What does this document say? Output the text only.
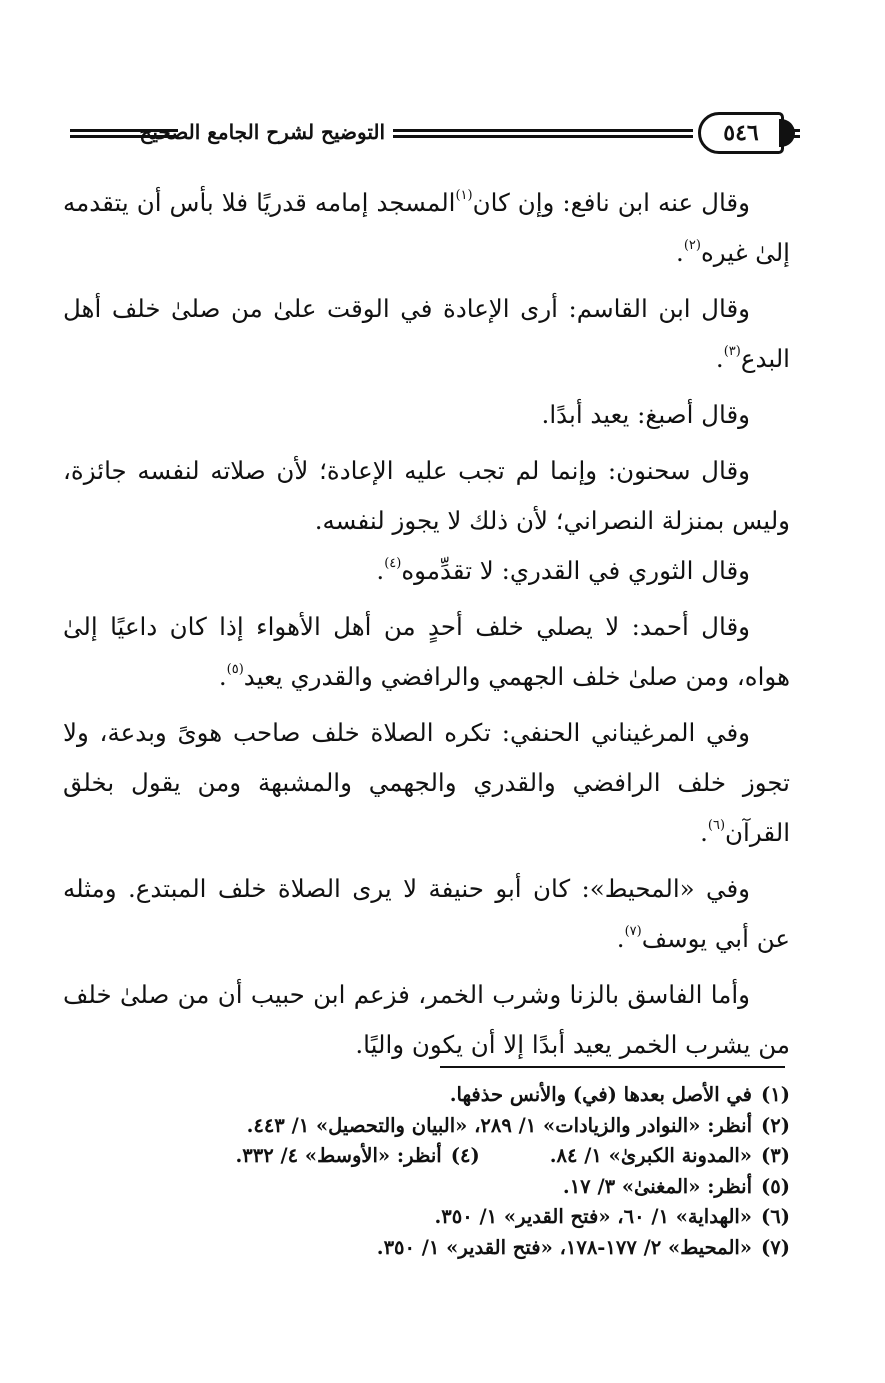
التوضيح لشرح الجامع الصحيح	٥٤٦

وقال عنه ابن نافع: وإن كان$^{(١)}$المسجد إمامه قدريًا فلا بأس أن يتقدمه إلىٰ غيره$^{(٢)}$.

وقال ابن القاسم: أرى الإعادة في الوقت علىٰ من صلىٰ خلف أهل البدع$^{(٣)}$.

وقال أصبغ: يعيد أبدًا.

وقال سحنون: وإنما لم تجب عليه الإعادة؛ لأن صلاته لنفسه جائزة، وليس بمنزلة النصراني؛ لأن ذلك لا يجوز لنفسه.

وقال الثوري في القدري: لا تقدِّموه$^{(٤)}$.

وقال أحمد: لا يصلي خلف أحدٍ من أهل الأهواء إذا كان داعيًا إلىٰ هواه، ومن صلىٰ خلف الجهمي والرافضي والقدري يعيد$^{(٥)}$.

وفي المرغيناني الحنفي: تكره الصلاة خلف صاحب هوىً وبدعة، ولا تجوز خلف الرافضي والقدري والجهمي والمشبهة ومن يقول بخلق القرآن$^{(٦)}$.

وفي «المحيط»: كان أبو حنيفة لا يرى الصلاة خلف المبتدع. ومثله عن أبي يوسف$^{(٧)}$.

وأما الفاسق بالزنا وشرب الخمر، فزعم ابن حبيب أن من صلىٰ خلف من يشرب الخمر يعيد أبدًا إلا أن يكون واليًا.

(١)
في الأصل بعدها (في) والأنس حذفها.
(٢)
أنظر: «النوادر والزيادات» ١/ ٢٨٩، «البيان والتحصيل» ١/ ٤٤٣.
(٣)
«المدونة الكبرىٰ» ١/ ٨٤.
(٤)
أنظر: «الأوسط» ٤/ ٣٣٢.
(٥)
أنظر: «المغنىٰ» ٣/ ١٧.
(٦)
«الهداية» ١/ ٦٠، «فتح القدير» ١/ ٣٥٠.
(٧)
«المحيط» ٢/ ١٧٧-١٧٨، «فتح القدير» ١/ ٣٥٠.
